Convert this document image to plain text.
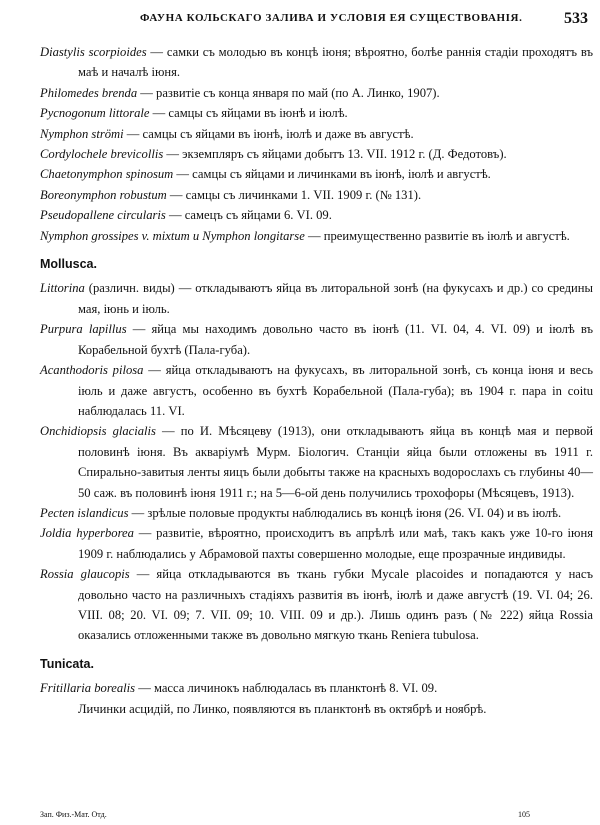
ФАУНА КОЛЬСКАГО ЗАЛИВА И УСЛОВІЯ ЕЯ СУЩЕСТВОВАНІЯ.	533

Diastylis scorpioides — самки съ молодью въ концѣ іюня; вѣроятно, болѣе раннія стадіи проходятъ въ маѣ и началѣ іюня.

Philomedes brenda — развитіе съ конца января по май (по А. Линко, 1907).

Pycnogonum littorale — самцы съ яйцами въ іюнѣ и іюлѣ.

Nymphon strömi — самцы съ яйцами въ іюнѣ, іюлѣ и даже въ августѣ.

Cordylochele brevicollis — экземпляръ съ яйцами добытъ 13. VII. 1912 г. (Д. Федотовъ).

Chaetonymphon spinosum — самцы съ яйцами и личинками въ іюнѣ, іюлѣ и августѣ.

Boreonymphon robustum — самцы съ личинками 1. VII. 1909 г. (№ 131).

Pseudopallene circularis — самецъ съ яйцами 6. VI. 09.

Nymphon grossipes v. mixtum и Nymphon longitarse — преимущественно развитіе въ іюлѣ и августѣ.

Mollusca.

Littorina (различн. виды) — откладываютъ яйца въ литоральной зонѣ (на фукусахъ и др.) со средины мая, іюнь и іюль.

Purpura lapillus — яйца мы находимъ довольно часто въ іюнѣ (11. VI. 04, 4. VI. 09) и іюлѣ въ Корабельной бухтѣ (Пала-губа).

Acanthodoris pilosa — яйца откладываютъ на фукусахъ, въ литоральной зонѣ, съ конца іюня и весь іюль и даже августъ, особенно въ бухтѣ Корабельной (Пала-губа); въ 1904 г. пара in coitu наблюдалась 11. VI.

Onchidiopsis glacialis — по И. Мѣсяцеву (1913), они откладываютъ яйца въ концѣ мая и первой половинѣ іюня. Въ акваріумѣ Мурм. Біологич. Станціи яйца были отложены въ 1911 г. Спирально-завитыя ленты яицъ были добыты также на красныхъ водорослахъ съ глубины 40—50 саж. въ половинѣ іюня 1911 г.; на 5—6-ой день получились трохофоры (Мѣсяцевъ, 1913).

Pecten islandicus — зрѣлые половые продукты наблюдались въ концѣ іюня (26. VI. 04) и въ іюлѣ.

Joldia hyperborea — развитіе, вѣроятно, происходитъ въ апрѣлѣ или маѣ, такъ какъ уже 10-го іюня 1909 г. наблюдались у Абрамовой пахты совершенно молодые, еще прозрачные индивиды.

Rossia glaucopis — яйца откладываются въ ткань губки Mycale placoides и попадаются у насъ довольно часто на различныхъ стадіяхъ развитія въ іюнѣ, іюлѣ и даже августѣ (19. VI. 04; 26. VIII. 08; 20. VI. 09; 7. VII. 09; 10. VIII. 09 и др.). Лишь одинъ разъ (№ 222) яйца Rossia оказались отложенными также въ довольно мягкую ткань Reniera tubulosa.

Tunicata.

Fritillaria borealis — масса личинокъ наблюдалась въ планктонѣ 8. VI. 09.

Личинки асцидій, по Линко, появляются въ планктонѣ въ октябрѣ и ноябрѣ.

Зап. Физ.-Мат. Отд.	105
